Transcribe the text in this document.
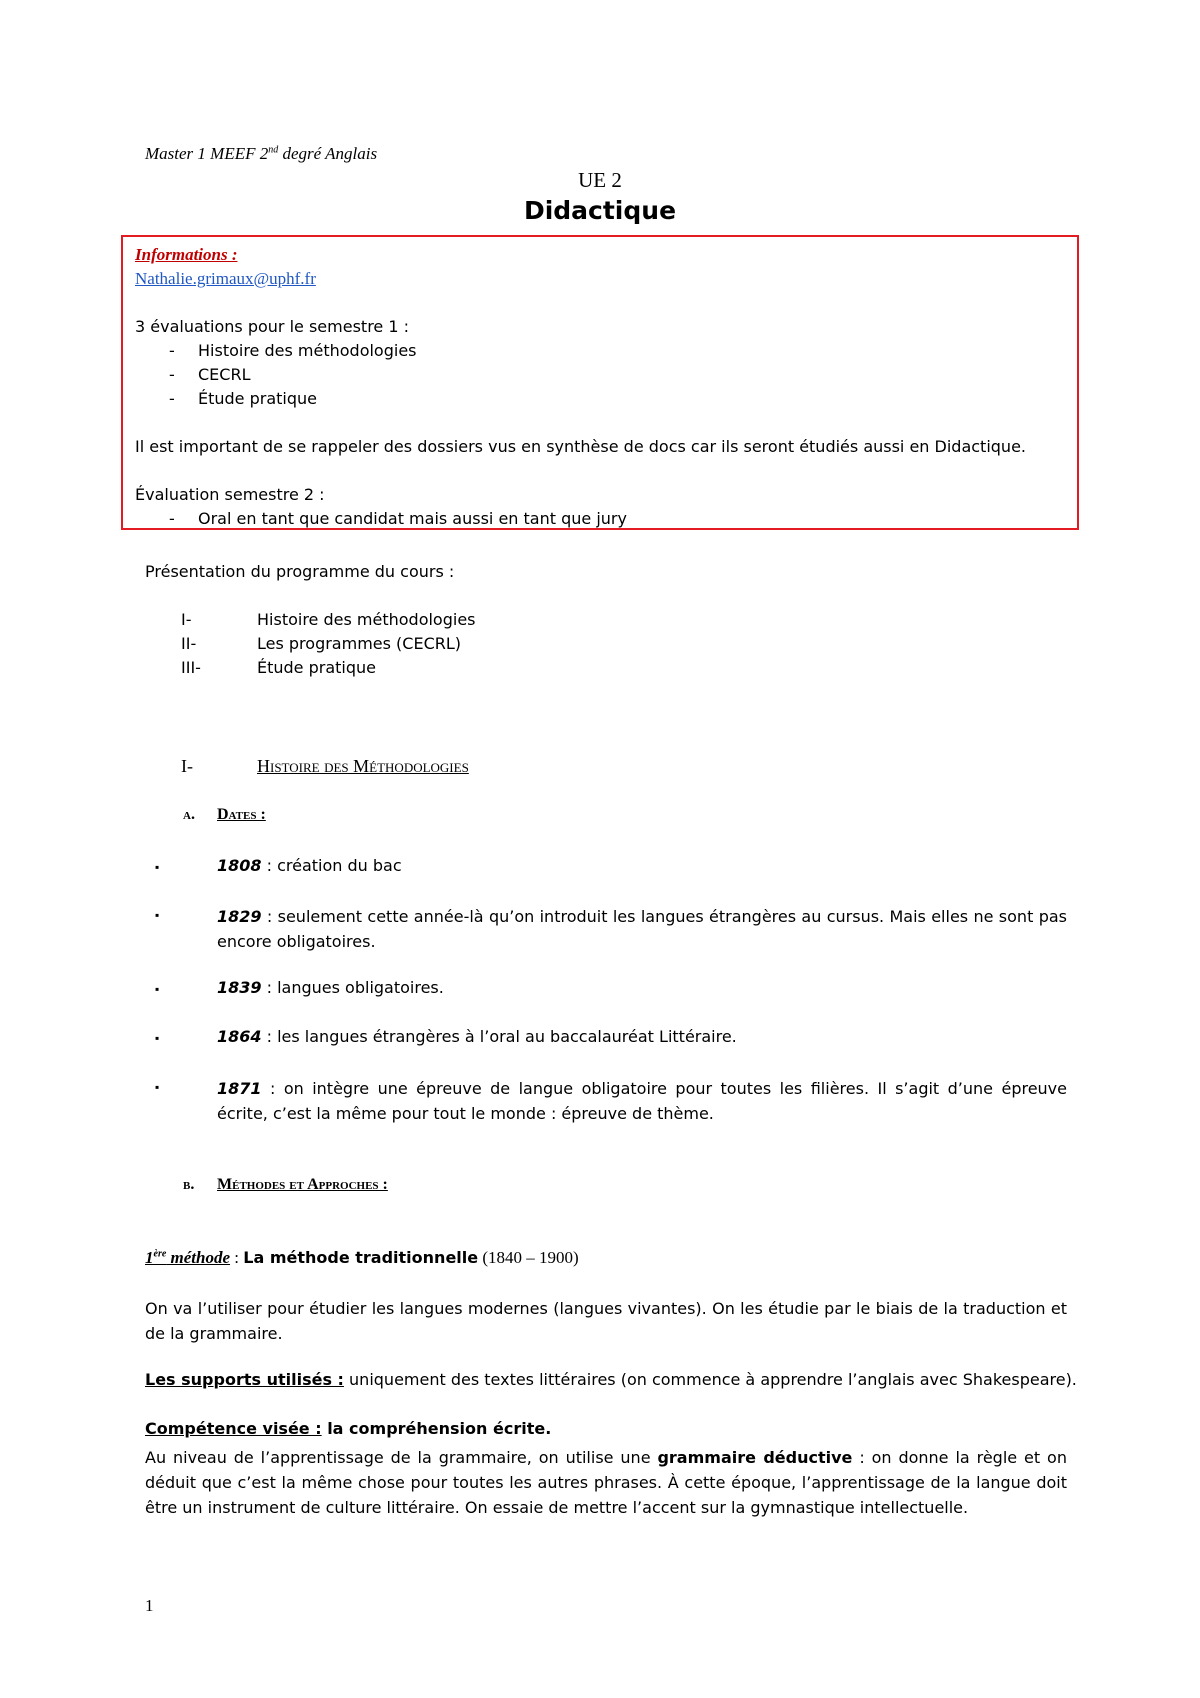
Master 1 MEEF 2nd degré Anglais
UE 2
Didactique
Informations :
Nathalie.grimaux@uphf.fr
3 évaluations pour le semestre 1 :
- Histoire des méthodologies
- CECRL
- Étude pratique
Il est important de se rappeler des dossiers vus en synthèse de docs car ils seront étudiés aussi en Didactique.
Évaluation semestre 2 :
- Oral en tant que candidat mais aussi en tant que jury
Présentation du programme du cours :
I-	Histoire des méthodologies
II-	Les programmes (CECRL)
III-	Étude pratique
I-	Histoire des Méthodologies
a. Dates :
▪	1808 : création du bac
▪	1829 : seulement cette année-là qu’on introduit les langues étrangères au cursus. Mais elles ne sont pas encore obligatoires.
▪	1839 : langues obligatoires.
▪	1864 : les langues étrangères à l’oral au baccalauréat Littéraire.
▪	1871 : on intègre une épreuve de langue obligatoire pour toutes les filières. Il s’agit d’une épreuve écrite, c’est la même pour tout le monde : épreuve de thème.
b. Méthodes et Approches :
1ère méthode : La méthode traditionnelle (1840 – 1900)
On va l’utiliser pour étudier les langues modernes (langues vivantes). On les étudie par le biais de la traduction et de la grammaire.
Les supports utilisés : uniquement des textes littéraires (on commence à apprendre l’anglais avec Shakespeare).
Compétence visée : la compréhension écrite.
Au niveau de l’apprentissage de la grammaire, on utilise une grammaire déductive : on donne la règle et on déduit que c’est la même chose pour toutes les autres phrases. À cette époque, l’apprentissage de la langue doit être un instrument de culture littéraire. On essaie de mettre l’accent sur la gymnastique intellectuelle.
1
